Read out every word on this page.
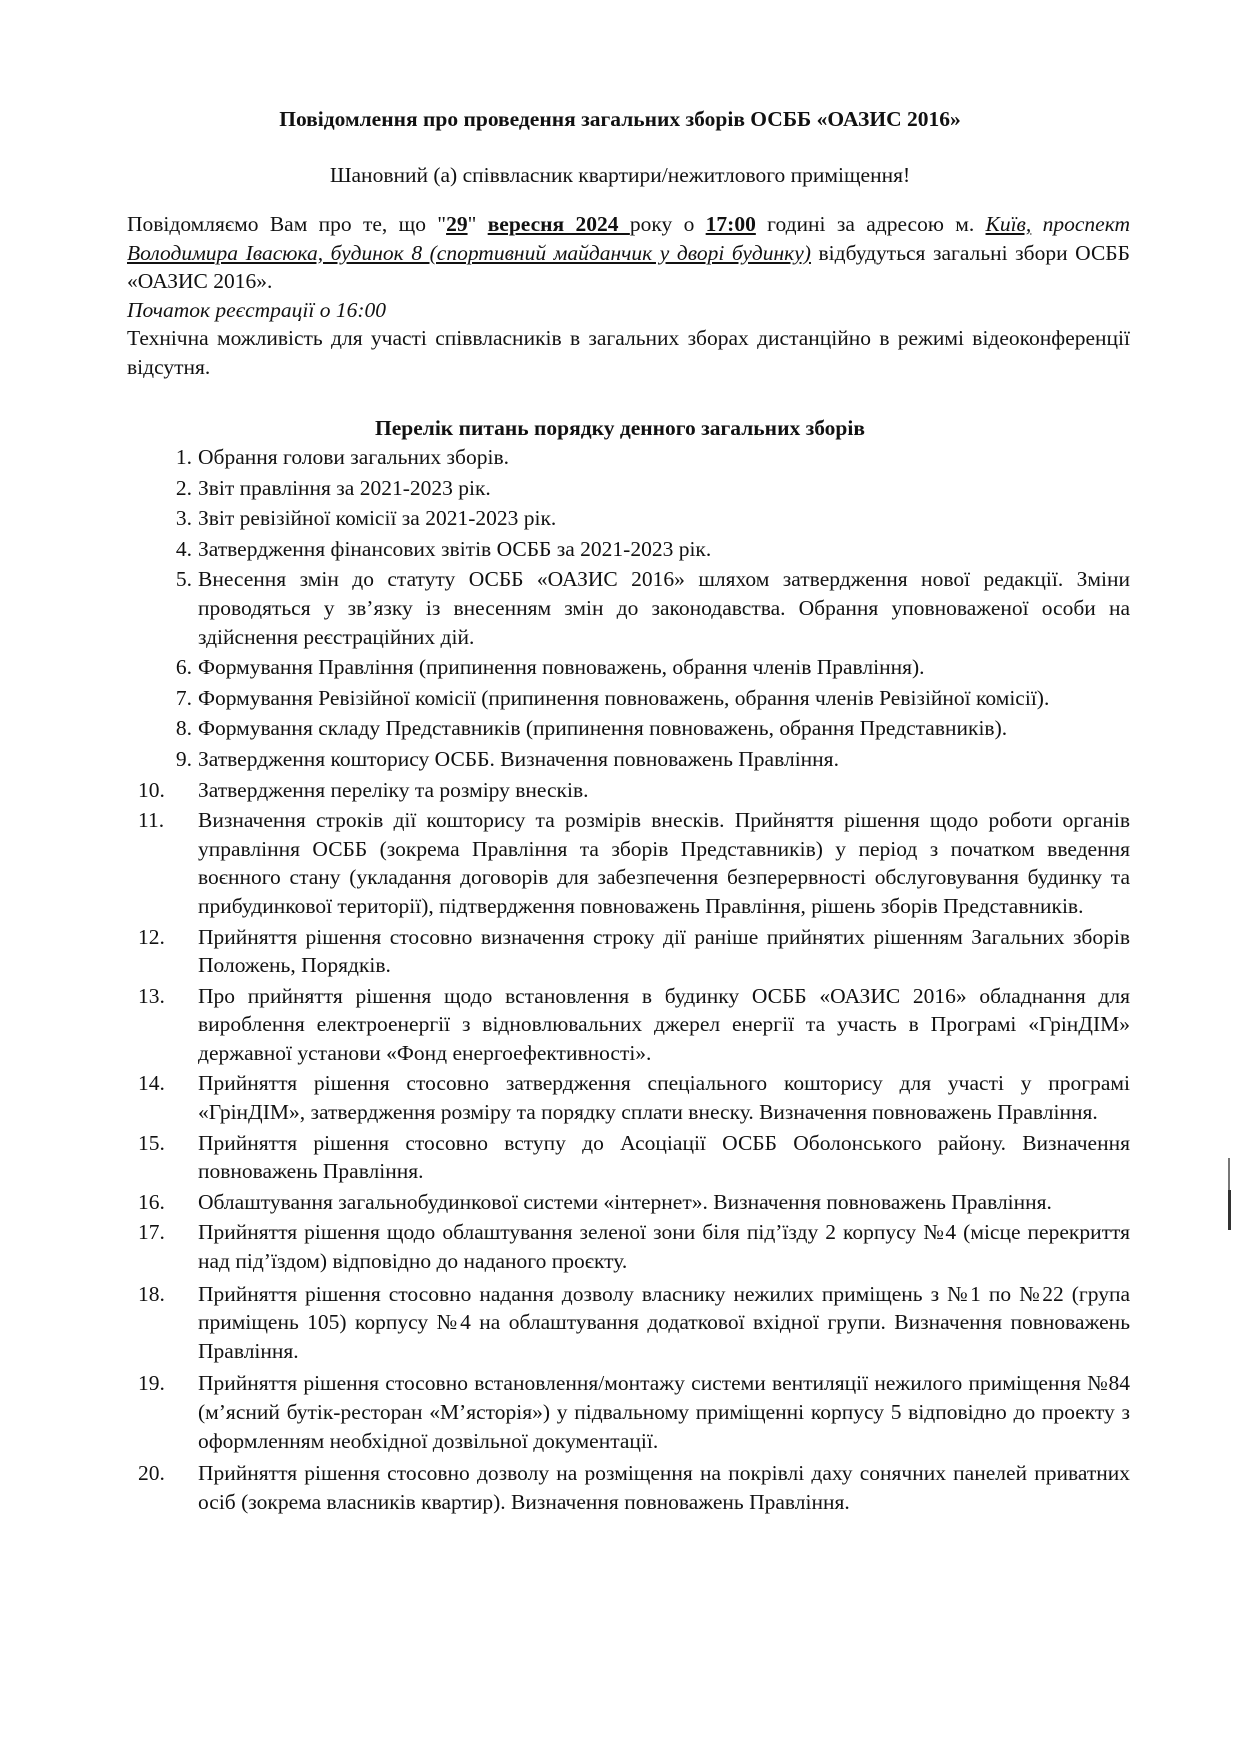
Повідомлення про проведення загальних зборів ОСББ «ОАЗИС 2016»
Шановний (а) співвласник квартири/нежитлового приміщення!

Повідомляємо Вам про те, що "29" вересня 2024 року о 17:00 годині за адресою м. Київ, проспект Володимира Івасюка, будинок 8 (спортивний майданчик у дворі будинку) відбудуться загальні збори ОСББ «ОАЗИС 2016».

Початок реєстрації о 16:00

Технічна можливість для участі співвласників в загальних зборах дистанційно в режимі відеоконференції відсутня.

Перелік питань порядку денного загальних зборів
1. Обрання голови загальних зборів.
2. Звіт правління за 2021-2023 рік.
3. Звіт ревізійної комісії за 2021-2023 рік.
4. Затвердження фінансових звітів ОСББ за 2021-2023 рік.
5. Внесення змін до статуту ОСББ «ОАЗИС 2016» шляхом затвердження нової редакції. Зміни проводяться у зв’язку із внесенням змін до законодавства. Обрання уповноваженої особи на здійснення реєстраційних дій.
6. Формування Правління (припинення повноважень, обрання членів Правління).
7. Формування Ревізійної комісії (припинення повноважень, обрання членів Ревізійної комісії).
8. Формування складу Представників (припинення повноважень, обрання Представників).
9. Затвердження кошторису ОСББ. Визначення повноважень Правління.
10.	Затвердження переліку та розміру внесків.
11.	Визначення строків дії кошторису та розмірів внесків. Прийняття рішення щодо роботи органів управління ОСББ (зокрема Правління та зборів Представників) у період з початком введення воєнного стану (укладання договорів для забезпечення безперервності обслуговування будинку та прибудинкової території), підтвердження повноважень Правління, рішень зборів Представників.
12.	Прийняття рішення стосовно визначення строку дії раніше прийнятих рішенням Загальних зборів Положень, Порядків.
13.	Про прийняття рішення щодо встановлення в будинку ОСББ «ОАЗИС 2016» обладнання для вироблення електроенергії з відновлювальних джерел енергії та участь в Програмі «ГрінДІМ» державної установи «Фонд енергоефективності».
14.	Прийняття рішення стосовно затвердження спеціального кошторису для участі у програмі «ГрінДІМ», затвердження розміру та порядку сплати внеску. Визначення повноважень Правління.
15.	Прийняття рішення стосовно вступу до Асоціації ОСББ Оболонського району. Визначення повноважень Правління.
16.	Облаштування загальнобудинкової системи «інтернет». Визначення повноважень Правління.
17.	Прийняття рішення щодо облаштування зеленої зони біля під’їзду 2 корпусу №4 (місце перекриття над під’їздом) відповідно до наданого проєкту.
18.	Прийняття рішення стосовно надання дозволу власнику нежилих приміщень з №1 по №22 (група приміщень 105) корпусу №4 на облаштування додаткової вхідної групи. Визначення повноважень Правління.
19.	Прийняття рішення стосовно встановлення/монтажу системи вентиляції нежилого приміщення №84 (м’ясний бутік-ресторан «М’ясторія») у підвальному приміщенні корпусу 5 відповідно до проекту з оформленням необхідної дозвільної документації.
20.	Прийняття рішення стосовно дозволу на розміщення на покрівлі даху сонячних панелей приватних осіб (зокрема власників квартир). Визначення повноважень Правління.
